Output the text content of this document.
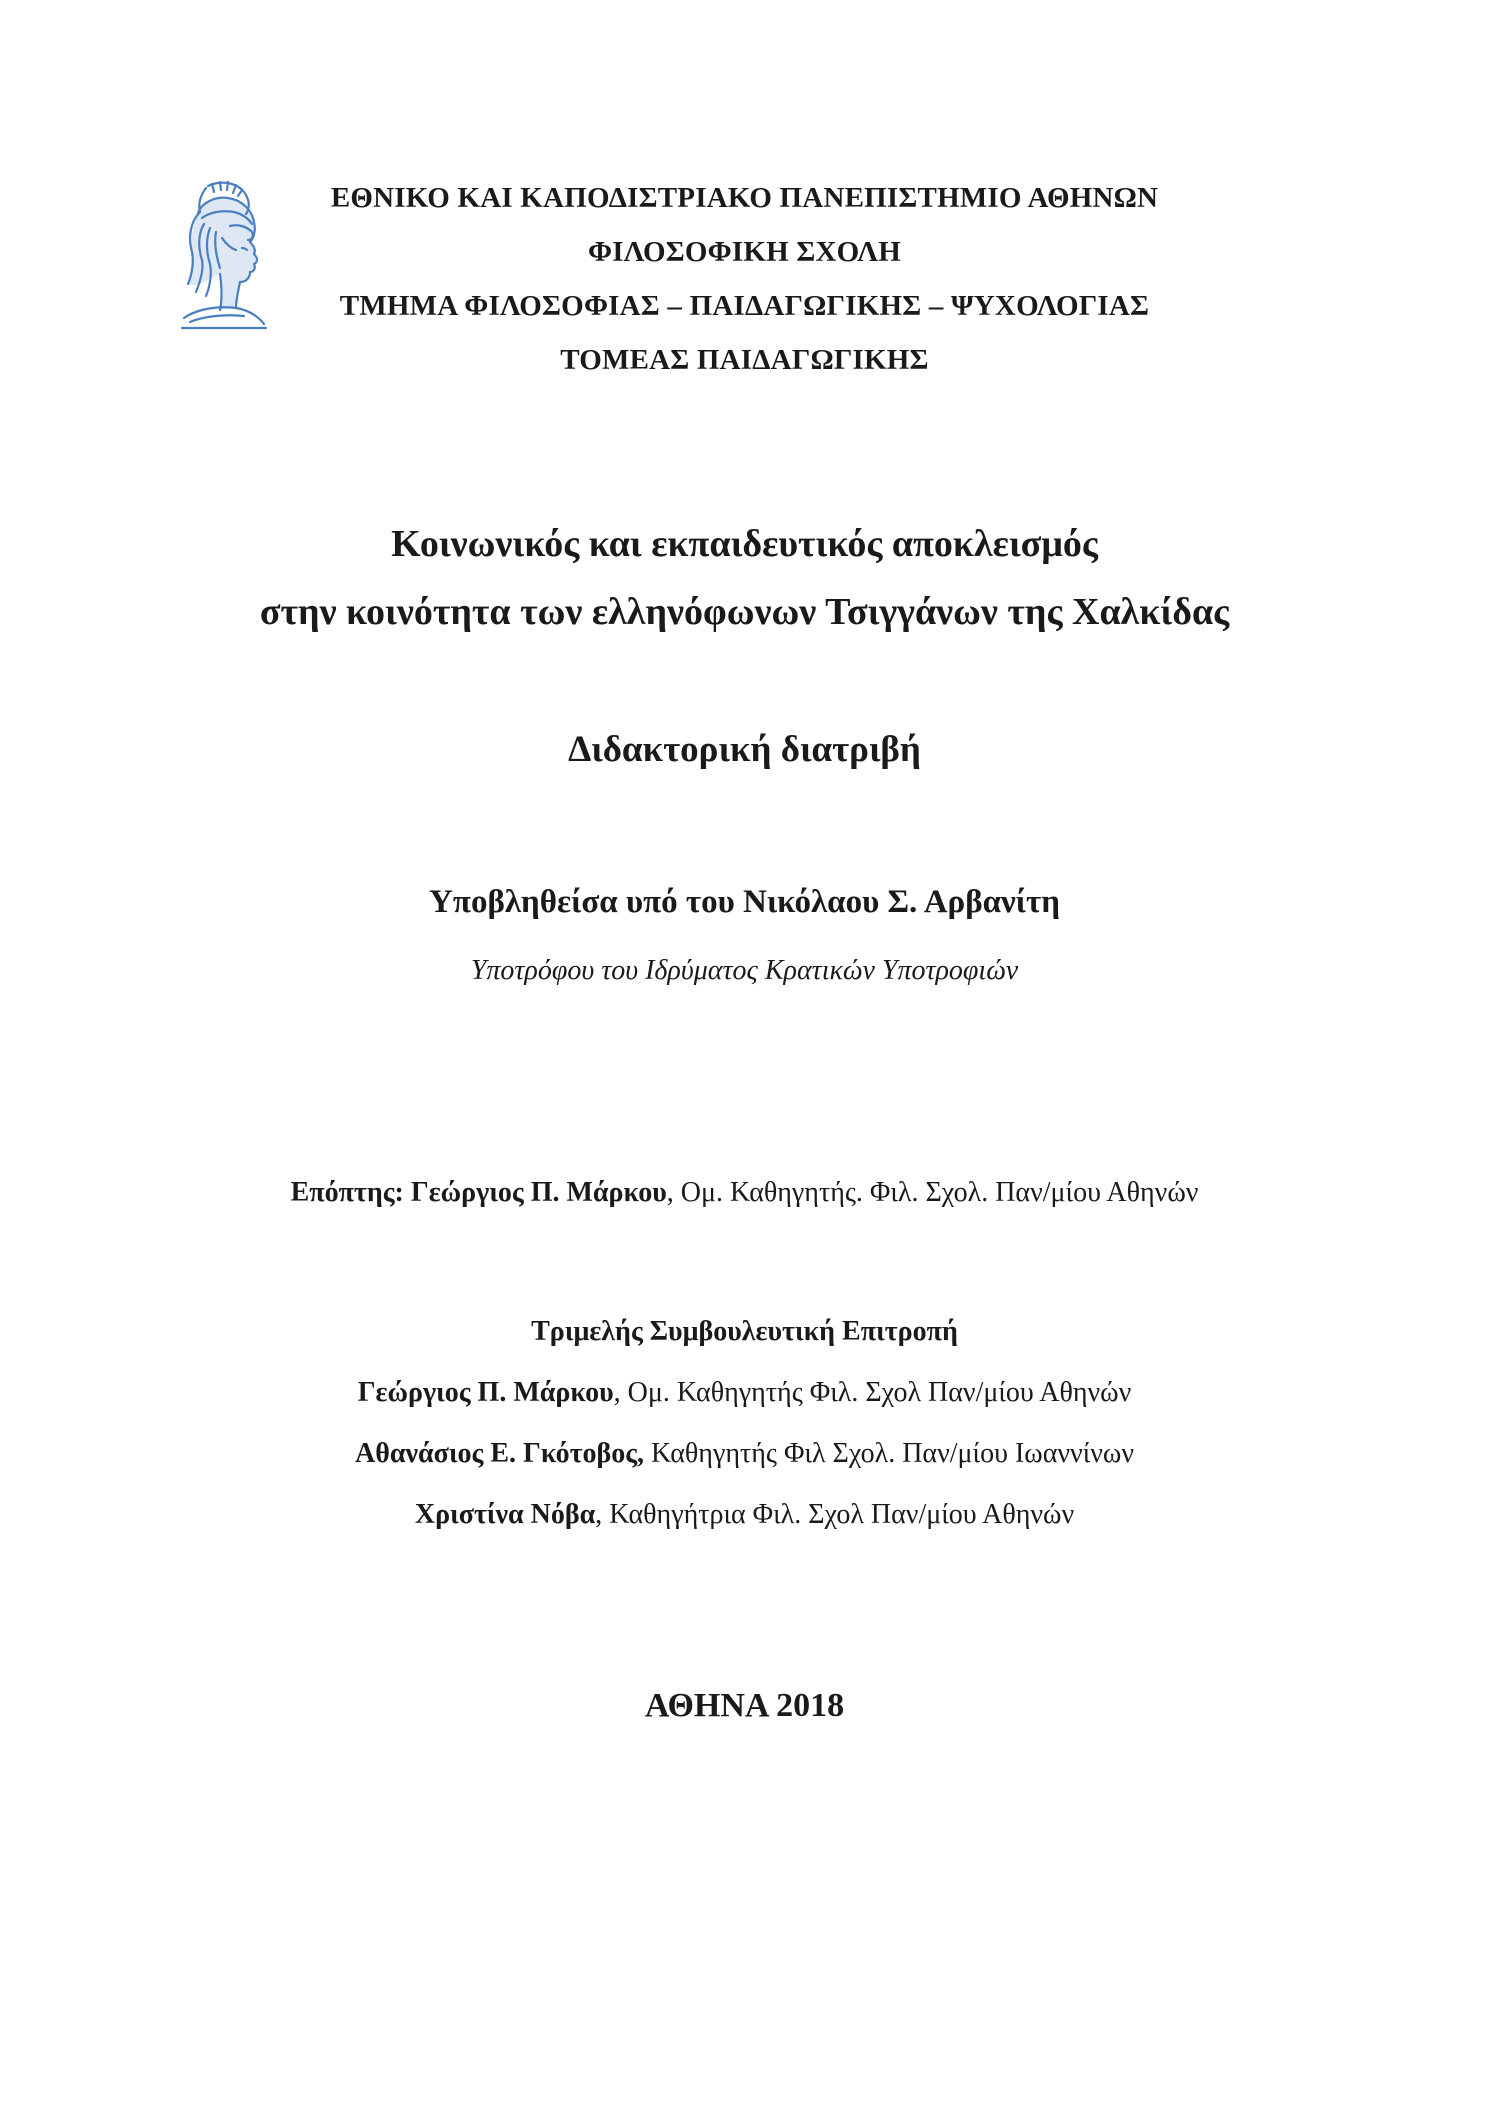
ΕΘΝΙΚΟ ΚΑΙ ΚΑΠΟΔΙΣΤΡΙΑΚΟ ΠΑΝΕΠΙΣΤΗΜΙΟ ΑΘΗΝΩΝ
ΦΙΛΟΣΟΦΙΚΗ ΣΧΟΛΗ
ΤΜΗΜΑ ΦΙΛΟΣΟΦΙΑΣ – ΠΑΙΔΑΓΩΓΙΚΗΣ – ΨΥΧΟΛΟΓΙΑΣ
ΤΟΜΕΑΣ ΠΑΙΔΑΓΩΓΙΚΗΣ
Κοινωνικός και εκπαιδευτικός αποκλεισμός
στην κοινότητα των ελληνόφωνων Τσιγγάνων της Χαλκίδας
Διδακτορική διατριβή
Υποβληθείσα υπό του Νικόλαου Σ. Αρβανίτη
Υποτρόφου του Ιδρύματος Κρατικών Υποτροφιών
Επόπτης: Γεώργιος Π. Μάρκου, Ομ. Καθηγητής. Φιλ. Σχολ. Παν/μίου Αθηνών
Τριμελής Συμβουλευτική Επιτροπή
Γεώργιος Π. Μάρκου, Ομ. Καθηγητής Φιλ. Σχολ Παν/μίου Αθηνών
Αθανάσιος Ε. Γκότοβος, Καθηγητής Φιλ Σχολ. Παν/μίου Ιωαννίνων
Χριστίνα Νόβα, Καθηγήτρια Φιλ. Σχολ Παν/μίου Αθηνών
ΑΘΗΝΑ 2018
